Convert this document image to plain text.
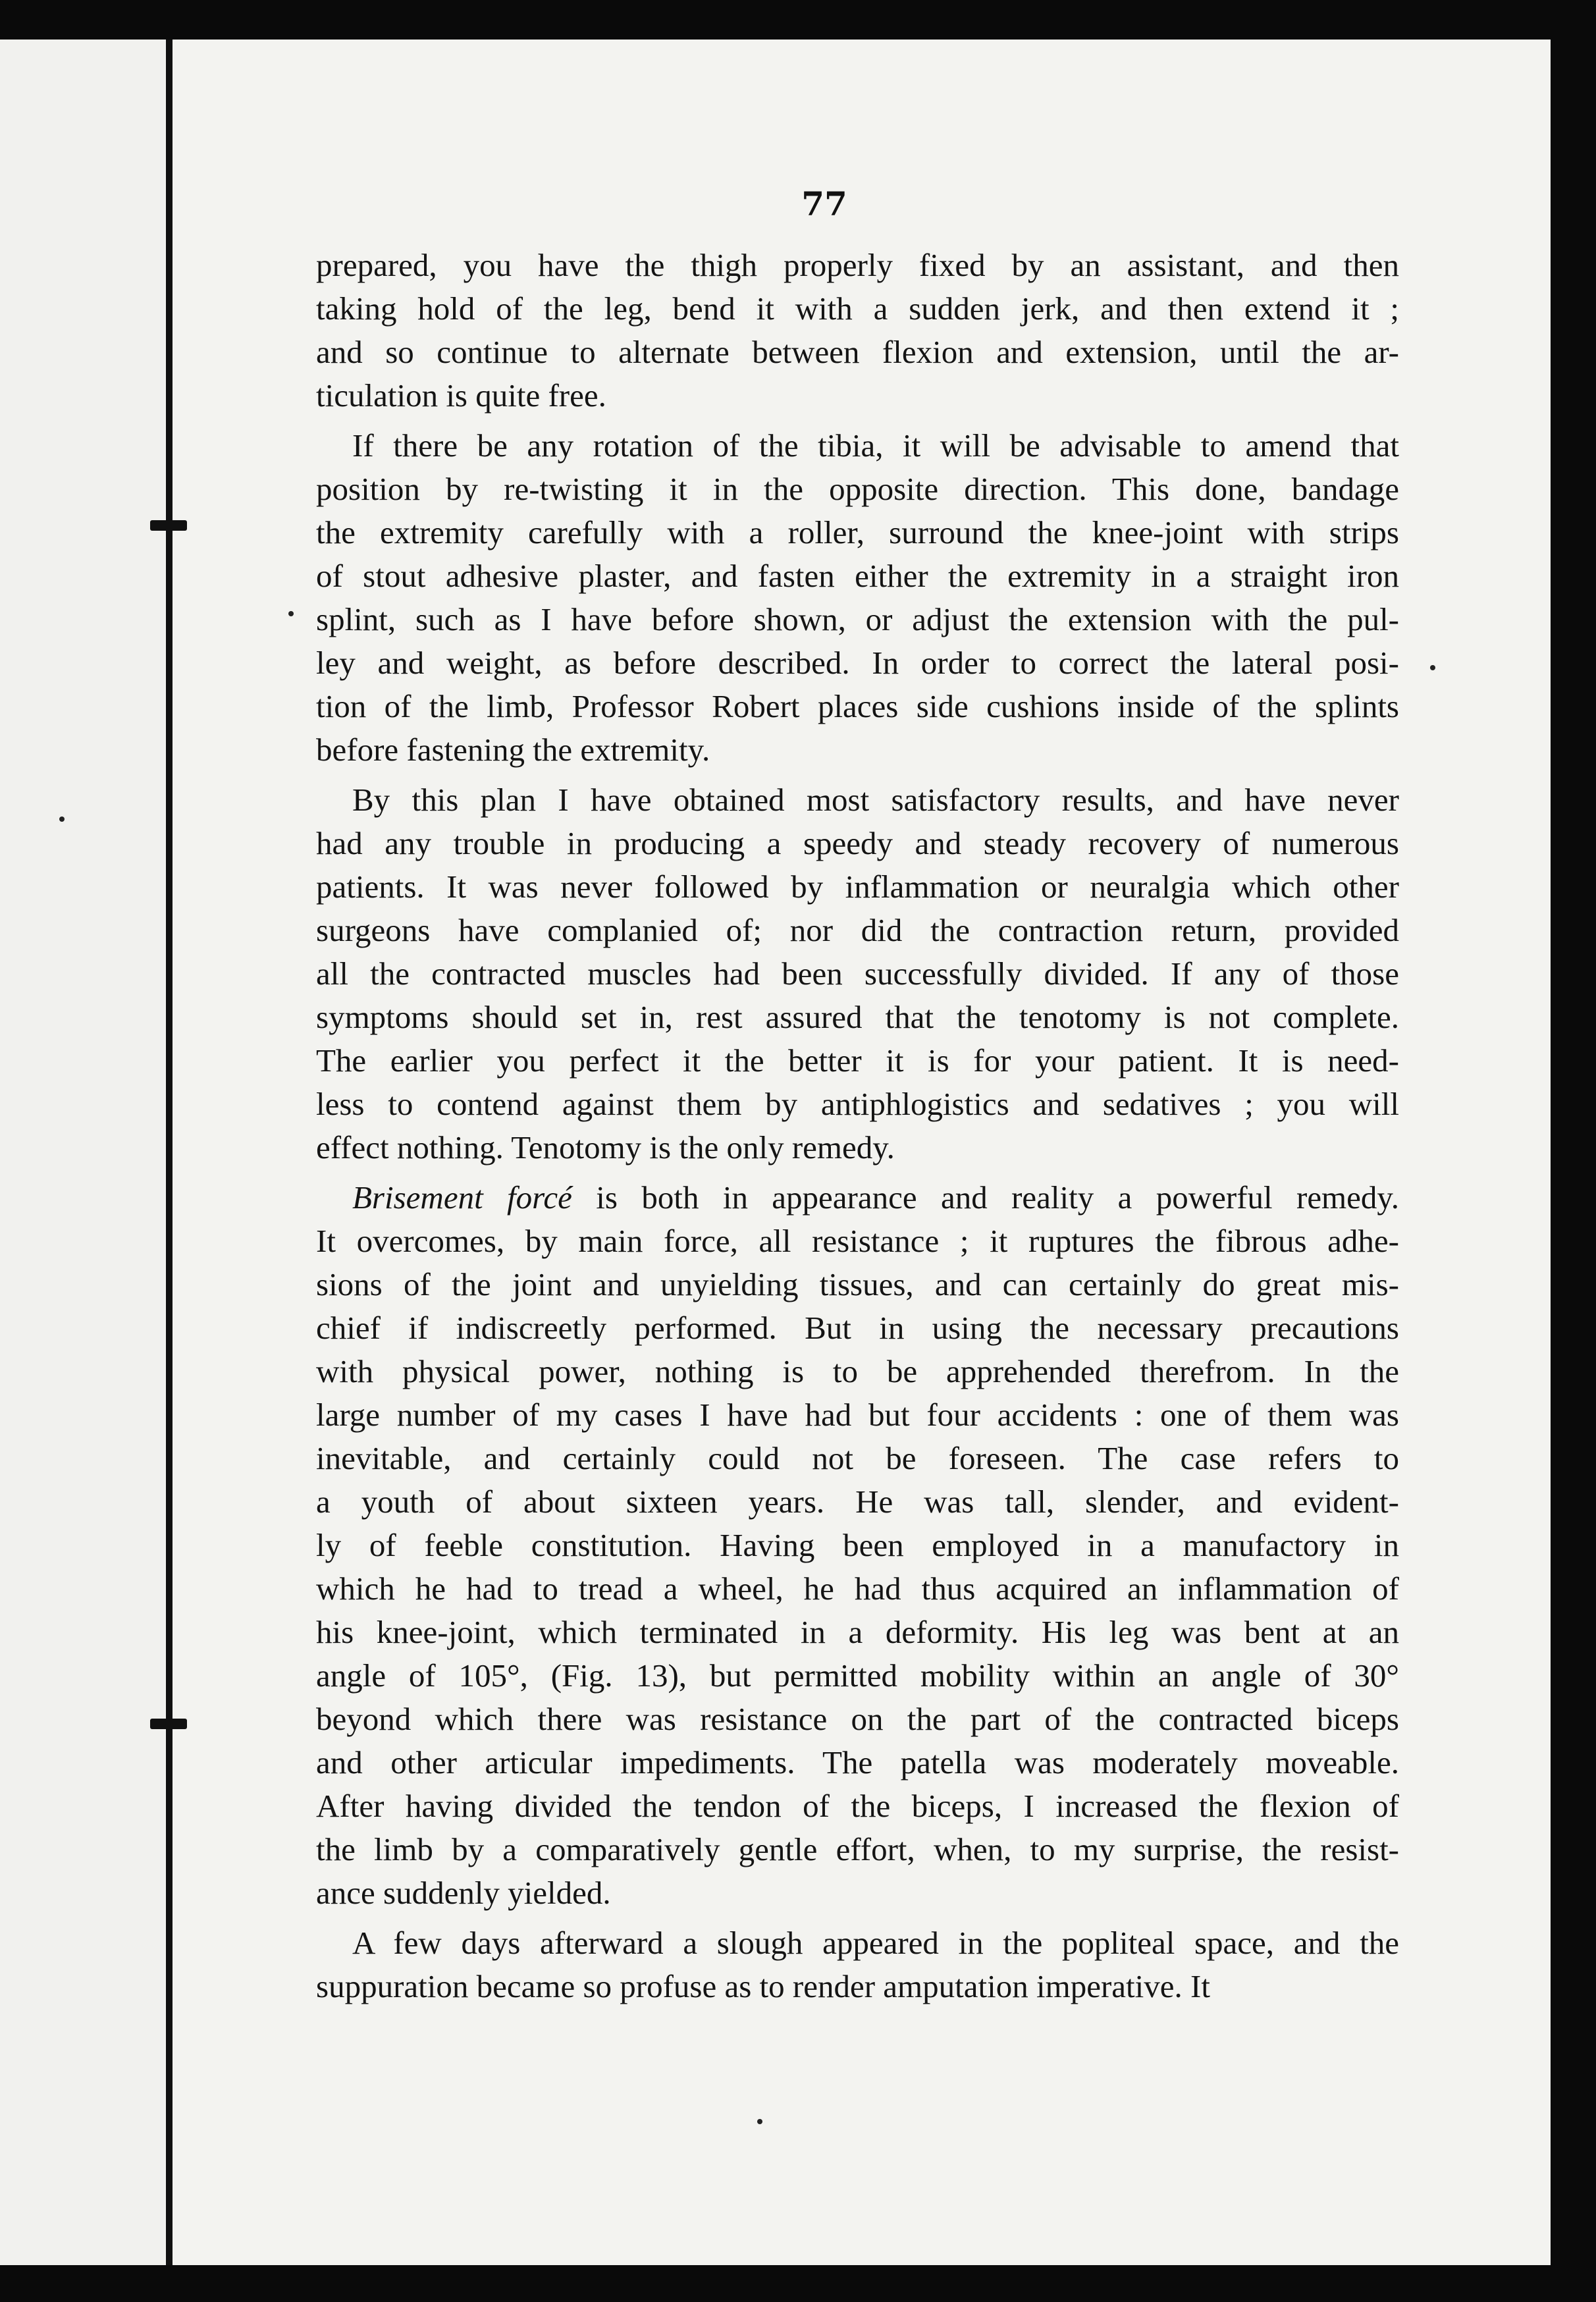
77

prepared, you have the thigh properly fixed by an assistant, and then
taking hold of the leg, bend it with a sudden jerk, and then extend it ;
and so continue to alternate between flexion and extension, until the ar-
ticulation is quite free.

If there be any rotation of the tibia, it will be advisable to amend that
position by re-twisting it in the opposite direction. This done, bandage
the extremity carefully with a roller, surround the knee-joint with strips
of stout adhesive plaster, and fasten either the extremity in a straight iron
splint, such as I have before shown, or adjust the extension with the pul-
ley and weight, as before described. In order to correct the lateral posi-
tion of the limb, Professor Robert places side cushions inside of the splints
before fastening the extremity.

By this plan I have obtained most satisfactory results, and have never
had any trouble in producing a speedy and steady recovery of numerous
patients. It was never followed by inflammation or neuralgia which other
surgeons have complanied of; nor did the contraction return, provided
all the contracted muscles had been successfully divided. If any of those
symptoms should set in, rest assured that the tenotomy is not complete.
The earlier you perfect it the better it is for your patient. It is need-
less to contend against them by antiphlogistics and sedatives ; you will
effect nothing. Tenotomy is the only remedy.

Brisement forcé is both in appearance and reality a powerful remedy.
It overcomes, by main force, all resistance ; it ruptures the fibrous adhe-
sions of the joint and unyielding tissues, and can certainly do great mis-
chief if indiscreetly performed. But in using the necessary precautions
with physical power, nothing is to be apprehended therefrom. In the
large number of my cases I have had but four accidents : one of them was
inevitable, and certainly could not be foreseen. The case refers to
a youth of about sixteen years. He was tall, slender, and evident-
ly of feeble constitution. Having been employed in a manufactory in
which he had to tread a wheel, he had thus acquired an inflammation of
his knee-joint, which terminated in a deformity. His leg was bent at an
angle of 105°, (Fig. 13), but permitted mobility within an angle of 30°
beyond which there was resistance on the part of the contracted biceps
and other articular impediments. The patella was moderately moveable.
After having divided the tendon of the biceps, I increased the flexion of
the limb by a comparatively gentle effort, when, to my surprise, the resist-
ance suddenly yielded.

A few days afterward a slough appeared in the popliteal space, and the
suppuration became so profuse as to render amputation imperative. It
